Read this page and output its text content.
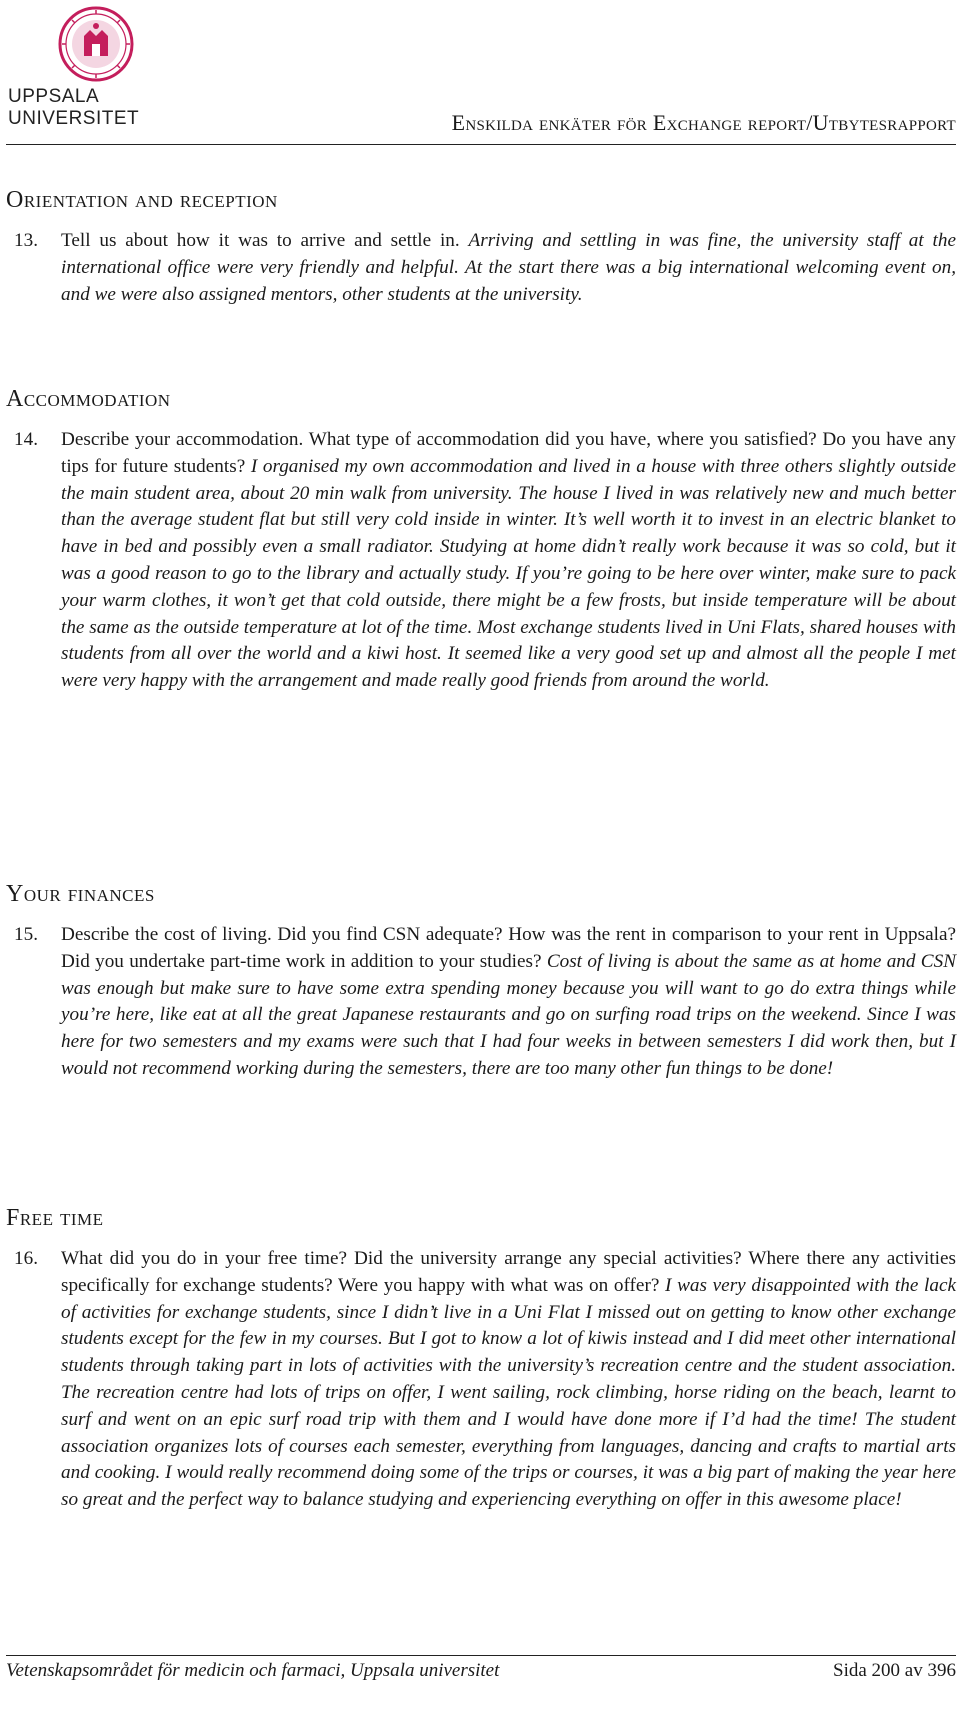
UPPSALA
UNIVERSITET	Enskilda enkäter för Exchange report/Utbytesrapport
Orientation and reception
13. Tell us about how it was to arrive and settle in. Arriving and settling in was fine, the university staff at the international office were very friendly and helpful. At the start there was a big international welcoming event on, and we were also assigned mentors, other students at the university.
Accommodation
14. Describe your accommodation. What type of accommodation did you have, where you satisfied? Do you have any tips for future students? I organised my own accommodation and lived in a house with three others slightly outside the main student area, about 20 min walk from university. The house I lived in was relatively new and much better than the average student flat but still very cold inside in winter. It’s well worth it to invest in an electric blanket to have in bed and possibly even a small radiator. Studying at home didn’t really work because it was so cold, but it was a good reason to go to the library and actually study. If you’re going to be here over winter, make sure to pack your warm clothes, it won’t get that cold outside, there might be a few frosts, but inside temperature will be about the same as the outside temperature at lot of the time. Most exchange students lived in Uni Flats, shared houses with students from all over the world and a kiwi host. It seemed like a very good set up and almost all the people I met were very happy with the arrangement and made really good friends from around the world.
Your finances
15. Describe the cost of living. Did you find CSN adequate? How was the rent in comparison to your rent in Uppsala? Did you undertake part-time work in addition to your studies? Cost of living is about the same as at home and CSN was enough but make sure to have some extra spending money because you will want to go do extra things while you’re here, like eat at all the great Japanese restaurants and go on surfing road trips on the weekend. Since I was here for two semesters and my exams were such that I had four weeks in between semesters I did work then, but I would not recommend working during the semesters, there are too many other fun things to be done!
Free time
16. What did you do in your free time? Did the university arrange any special activities? Where there any activities specifically for exchange students? Were you happy with what was on offer? I was very disappointed with the lack of activities for exchange students, since I didn’t live in a Uni Flat I missed out on getting to know other exchange students except for the few in my courses. But I got to know a lot of kiwis instead and I did meet other international students through taking part in lots of activities with the university’s recreation centre and the student association. The recreation centre had lots of trips on offer, I went sailing, rock climbing, horse riding on the beach, learnt to surf and went on an epic surf road trip with them and I would have done more if I’d had the time! The student association organizes lots of courses each semester, everything from languages, dancing and crafts to martial arts and cooking. I would really recommend doing some of the trips or courses, it was a big part of making the year here so great and the perfect way to balance studying and experiencing everything on offer in this awesome place!
Vetenskapsområdet för medicin och farmaci, Uppsala universitet	Sida 200 av 396
